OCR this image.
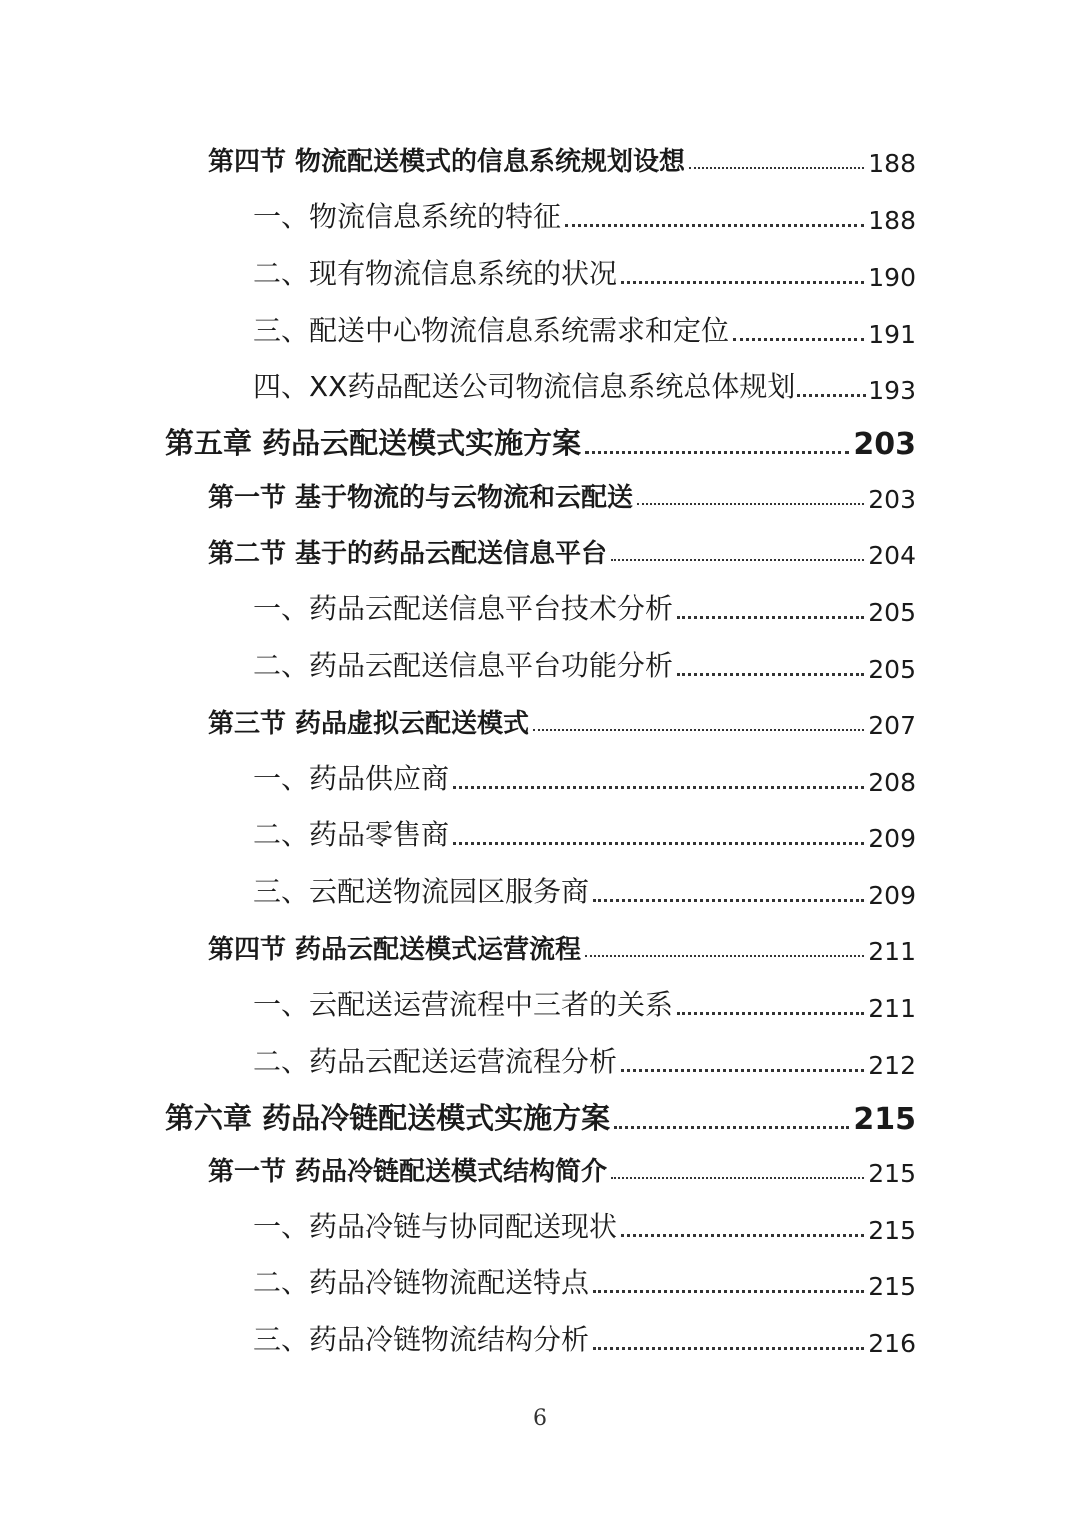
第四节 物流配送模式的信息系统规划设想	188
一、物流信息系统的特征	188
二、现有物流信息系统的状况	190
三、配送中心物流信息系统需求和定位	191
四、XX药品配送公司物流信息系统总体规划	193
第五章 药品云配送模式实施方案	203
第一节 基于物流的与云物流和云配送	203
第二节 基于的药品云配送信息平台	204
一、药品云配送信息平台技术分析	205
二、药品云配送信息平台功能分析	205
第三节 药品虚拟云配送模式	207
一、药品供应商	208
二、药品零售商	209
三、云配送物流园区服务商	209
第四节 药品云配送模式运营流程	211
一、云配送运营流程中三者的关系	211
二、药品云配送运营流程分析	212
第六章 药品冷链配送模式实施方案	215
第一节 药品冷链配送模式结构简介	215
一、药品冷链与协同配送现状	215
二、药品冷链物流配送特点	215
三、药品冷链物流结构分析	216
6
